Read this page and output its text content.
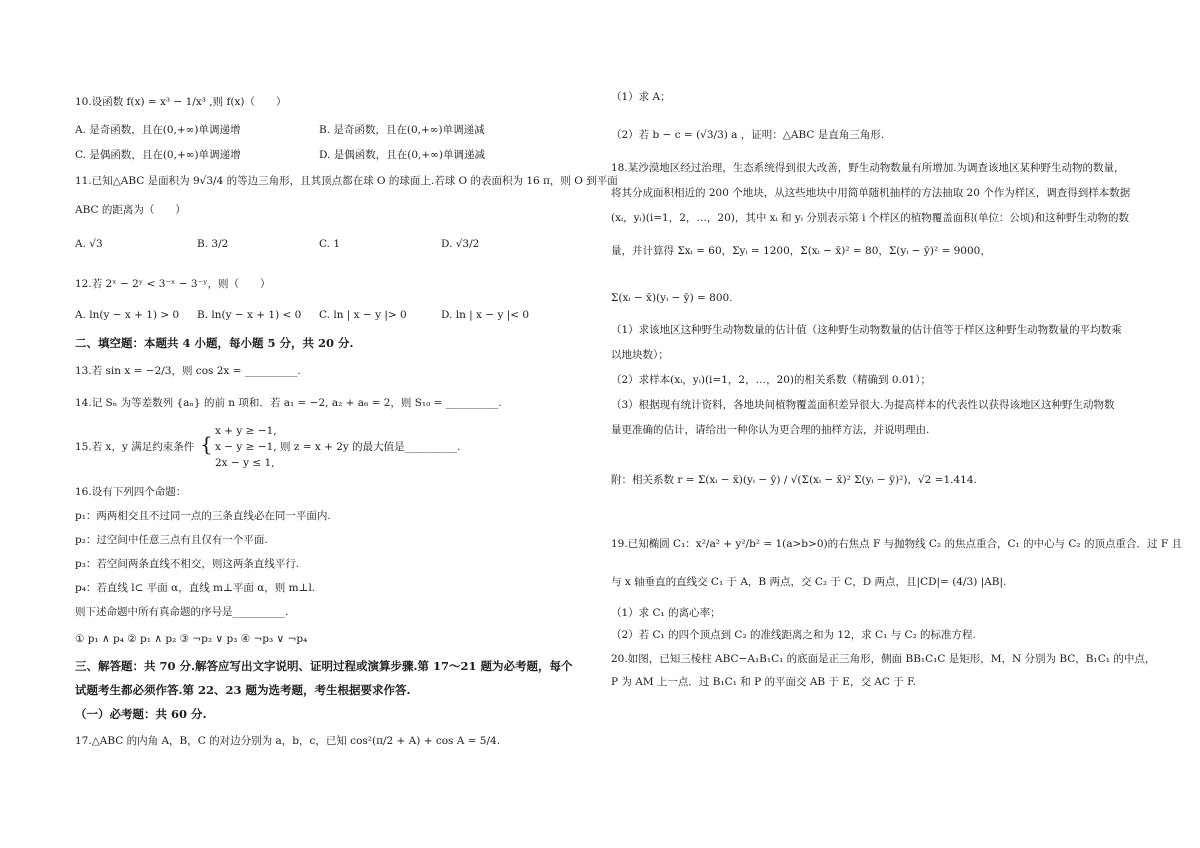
10.设函数 f(x) = x³ − 1/x³ ,则 f(x)（　　）
A. 是奇函数，且在(0,+∞)单调递增	B. 是奇函数，且在(0,+∞)单调递减
C. 是偶函数，且在(0,+∞)单调递增	D. 是偶函数，且在(0,+∞)单调递减
11.已知△ABC 是面积为 9√3/4 的等边三角形，且其顶点都在球 O 的球面上.若球 O 的表面积为 16 π，则 O 到平面
ABC 的距离为（　　）
A. √3	B. 3/2	C. 1	D. √3/2
12.若 2ˣ − 2ʸ < 3⁻ˣ − 3⁻ʸ，则（　　）
A. ln(y − x + 1) > 0 B. ln(y − x + 1) < 0 C. ln | x − y |> 0	D. ln | x − y |< 0
二、填空题：本题共 4 小题，每小题 5 分，共 20 分.
13.若 sin x = −2/3，则 cos 2x = __________.
14.记 Sₙ 为等差数列 {aₙ} 的前 n 项和．若 a₁ = −2, a₂ + a₆ = 2，则 S₁₀ = __________.
15.若 x，y 满足约束条件 {
x + y ≥ −1,
x − y ≥ −1,
2x − y ≤ 1,
则 z = x + 2y 的最大值是__________.
16.设有下列四个命题：
p₁：两两相交且不过同一点的三条直线必在同一平面内.
p₂：过空间中任意三点有且仅有一个平面.
p₃：若空间两条直线不相交，则这两条直线平行.
p₄：若直线 l⊂ 平面 α，直线 m⊥平面 α，则 m⊥l.
则下述命题中所有真命题的序号是__________.
① p₁ ∧ p₄ ② p₁ ∧ p₂ ③ ¬p₂ ∨ p₃ ④ ¬p₃ ∨ ¬p₄
三、解答题：共 70 分.解答应写出文字说明、证明过程或演算步骤.第 17～21 题为必考题，每个
试题考生都必须作答.第 22、23 题为选考题，考生根据要求作答.
（一）必考题：共 60 分.
17.△ABC 的内角 A，B，C 的对边分别为 a，b，c，已知 cos²(π/2 + A) + cos A = 5/4.
（1）求 A；
（2）若 b − c = (√3/3) a ，证明：△ABC 是直角三角形.
18.某沙漠地区经过治理，生态系统得到很大改善，野生动物数量有所增加.为调查该地区某种野生动物的数量，
将其分成面积相近的 200 个地块，从这些地块中用简单随机抽样的方法抽取 20 个作为样区，调查得到样本数据
(xᵢ，yᵢ)(i=1，2，…，20)，其中 xᵢ 和 yᵢ 分别表示第 i 个样区的植物覆盖面积(单位：公顷)和这种野生动物的数
量，并计算得 Σxᵢ = 60，Σyᵢ = 1200，Σ(xᵢ − x̄)² = 80，Σ(yᵢ − ȳ)² = 9000，
Σ(xᵢ − x̄)(yᵢ − ȳ) = 800.
（1）求该地区这种野生动物数量的估计值（这种野生动物数量的估计值等于样区这种野生动物数量的平均数乘
以地块数）；
（2）求样本(xᵢ，yᵢ)(i=1，2，…，20)的相关系数（精确到 0.01）；
（3）根据现有统计资料，各地块间植物覆盖面积差异很大.为提高样本的代表性以获得该地区这种野生动物数
量更准确的估计，请给出一种你认为更合理的抽样方法，并说明理由.
附：相关系数 r = Σ(xᵢ − x̄)(yᵢ − ȳ) / √(Σ(xᵢ − x̄)² Σ(yᵢ − ȳ)²)，√2 =1.414.
19.已知椭圆 C₁：x²/a² + y²/b² = 1(a>b>0)的右焦点 F 与抛物线 C₂ 的焦点重合，C₁ 的中心与 C₂ 的顶点重合．过 F 且
与 x 轴垂直的直线交 C₁ 于 A，B 两点，交 C₂ 于 C，D 两点，且|CD|= (4/3) |AB|.
（1）求 C₁ 的离心率；
（2）若 C₁ 的四个顶点到 C₂ 的准线距离之和为 12，求 C₁ 与 C₂ 的标准方程.
20.如图，已知三棱柱 ABC−A₁B₁C₁ 的底面是正三角形，侧面 BB₁C₁C 是矩形，M，N 分别为 BC，B₁C₁ 的中点，
P 为 AM 上一点．过 B₁C₁ 和 P 的平面交 AB 于 E，交 AC 于 F.
